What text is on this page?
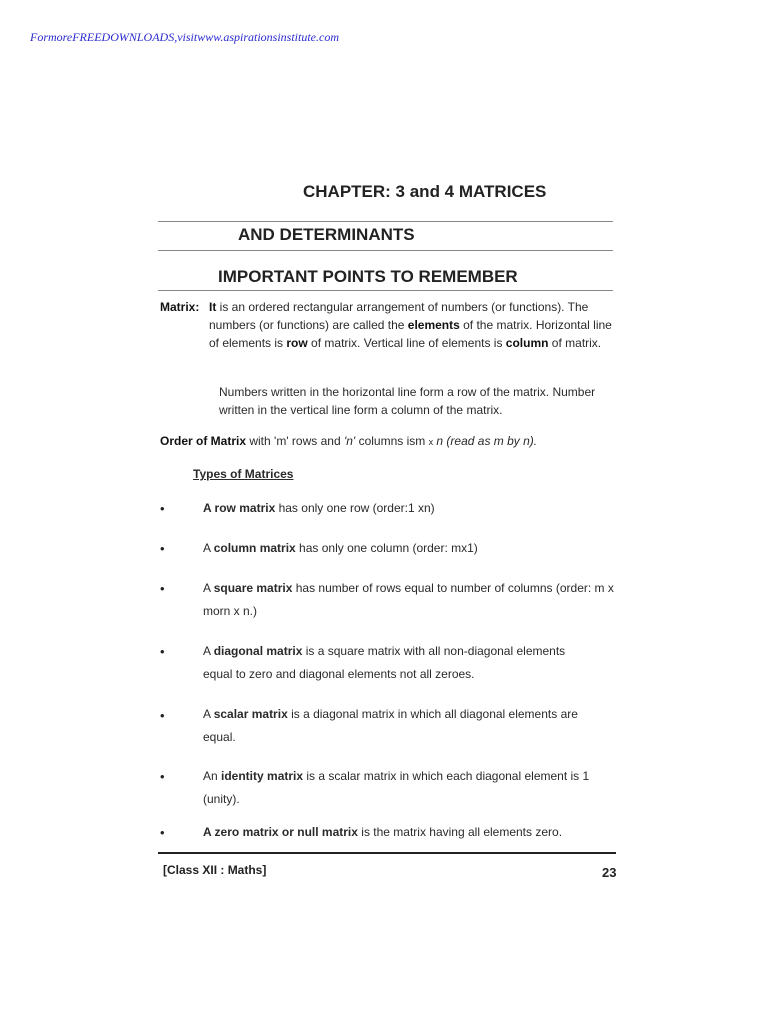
FormoreFREEDOWNLOADS,visitwww.aspirationsinstitute.com
CHAPTER: 3 and 4 MATRICES
AND DETERMINANTS
IMPORTANT POINTS TO REMEMBER
Matrix: It is an ordered rectangular arrangement of numbers (or functions). The numbers (or functions) are called the elements of the matrix. Horizontal line of elements is row of matrix. Vertical line of elements is column of matrix.
Numbers written in the horizontal line form a row of the matrix. Number written in the vertical line form a column of the matrix.
Order of Matrix with 'm' rows and 'n' columns ism x n (read as m by n).
Types of Matrices
•	A row matrix has only one row (order:1 xn)
•	A column matrix has only one column (order: mx1)
•	A square matrix has number of rows equal to number of columns (order: m x morn x n.)
•	A diagonal matrix is a square matrix with all non-diagonal elements equal to zero and diagonal elements not all zeroes.
•	A scalar matrix is a diagonal matrix in which all diagonal elements are equal.
•	An identity matrix is a scalar matrix in which each diagonal element is 1 (unity).
•	A zero matrix or null matrix is the matrix having all elements zero.
[Class XII : Maths]	23
